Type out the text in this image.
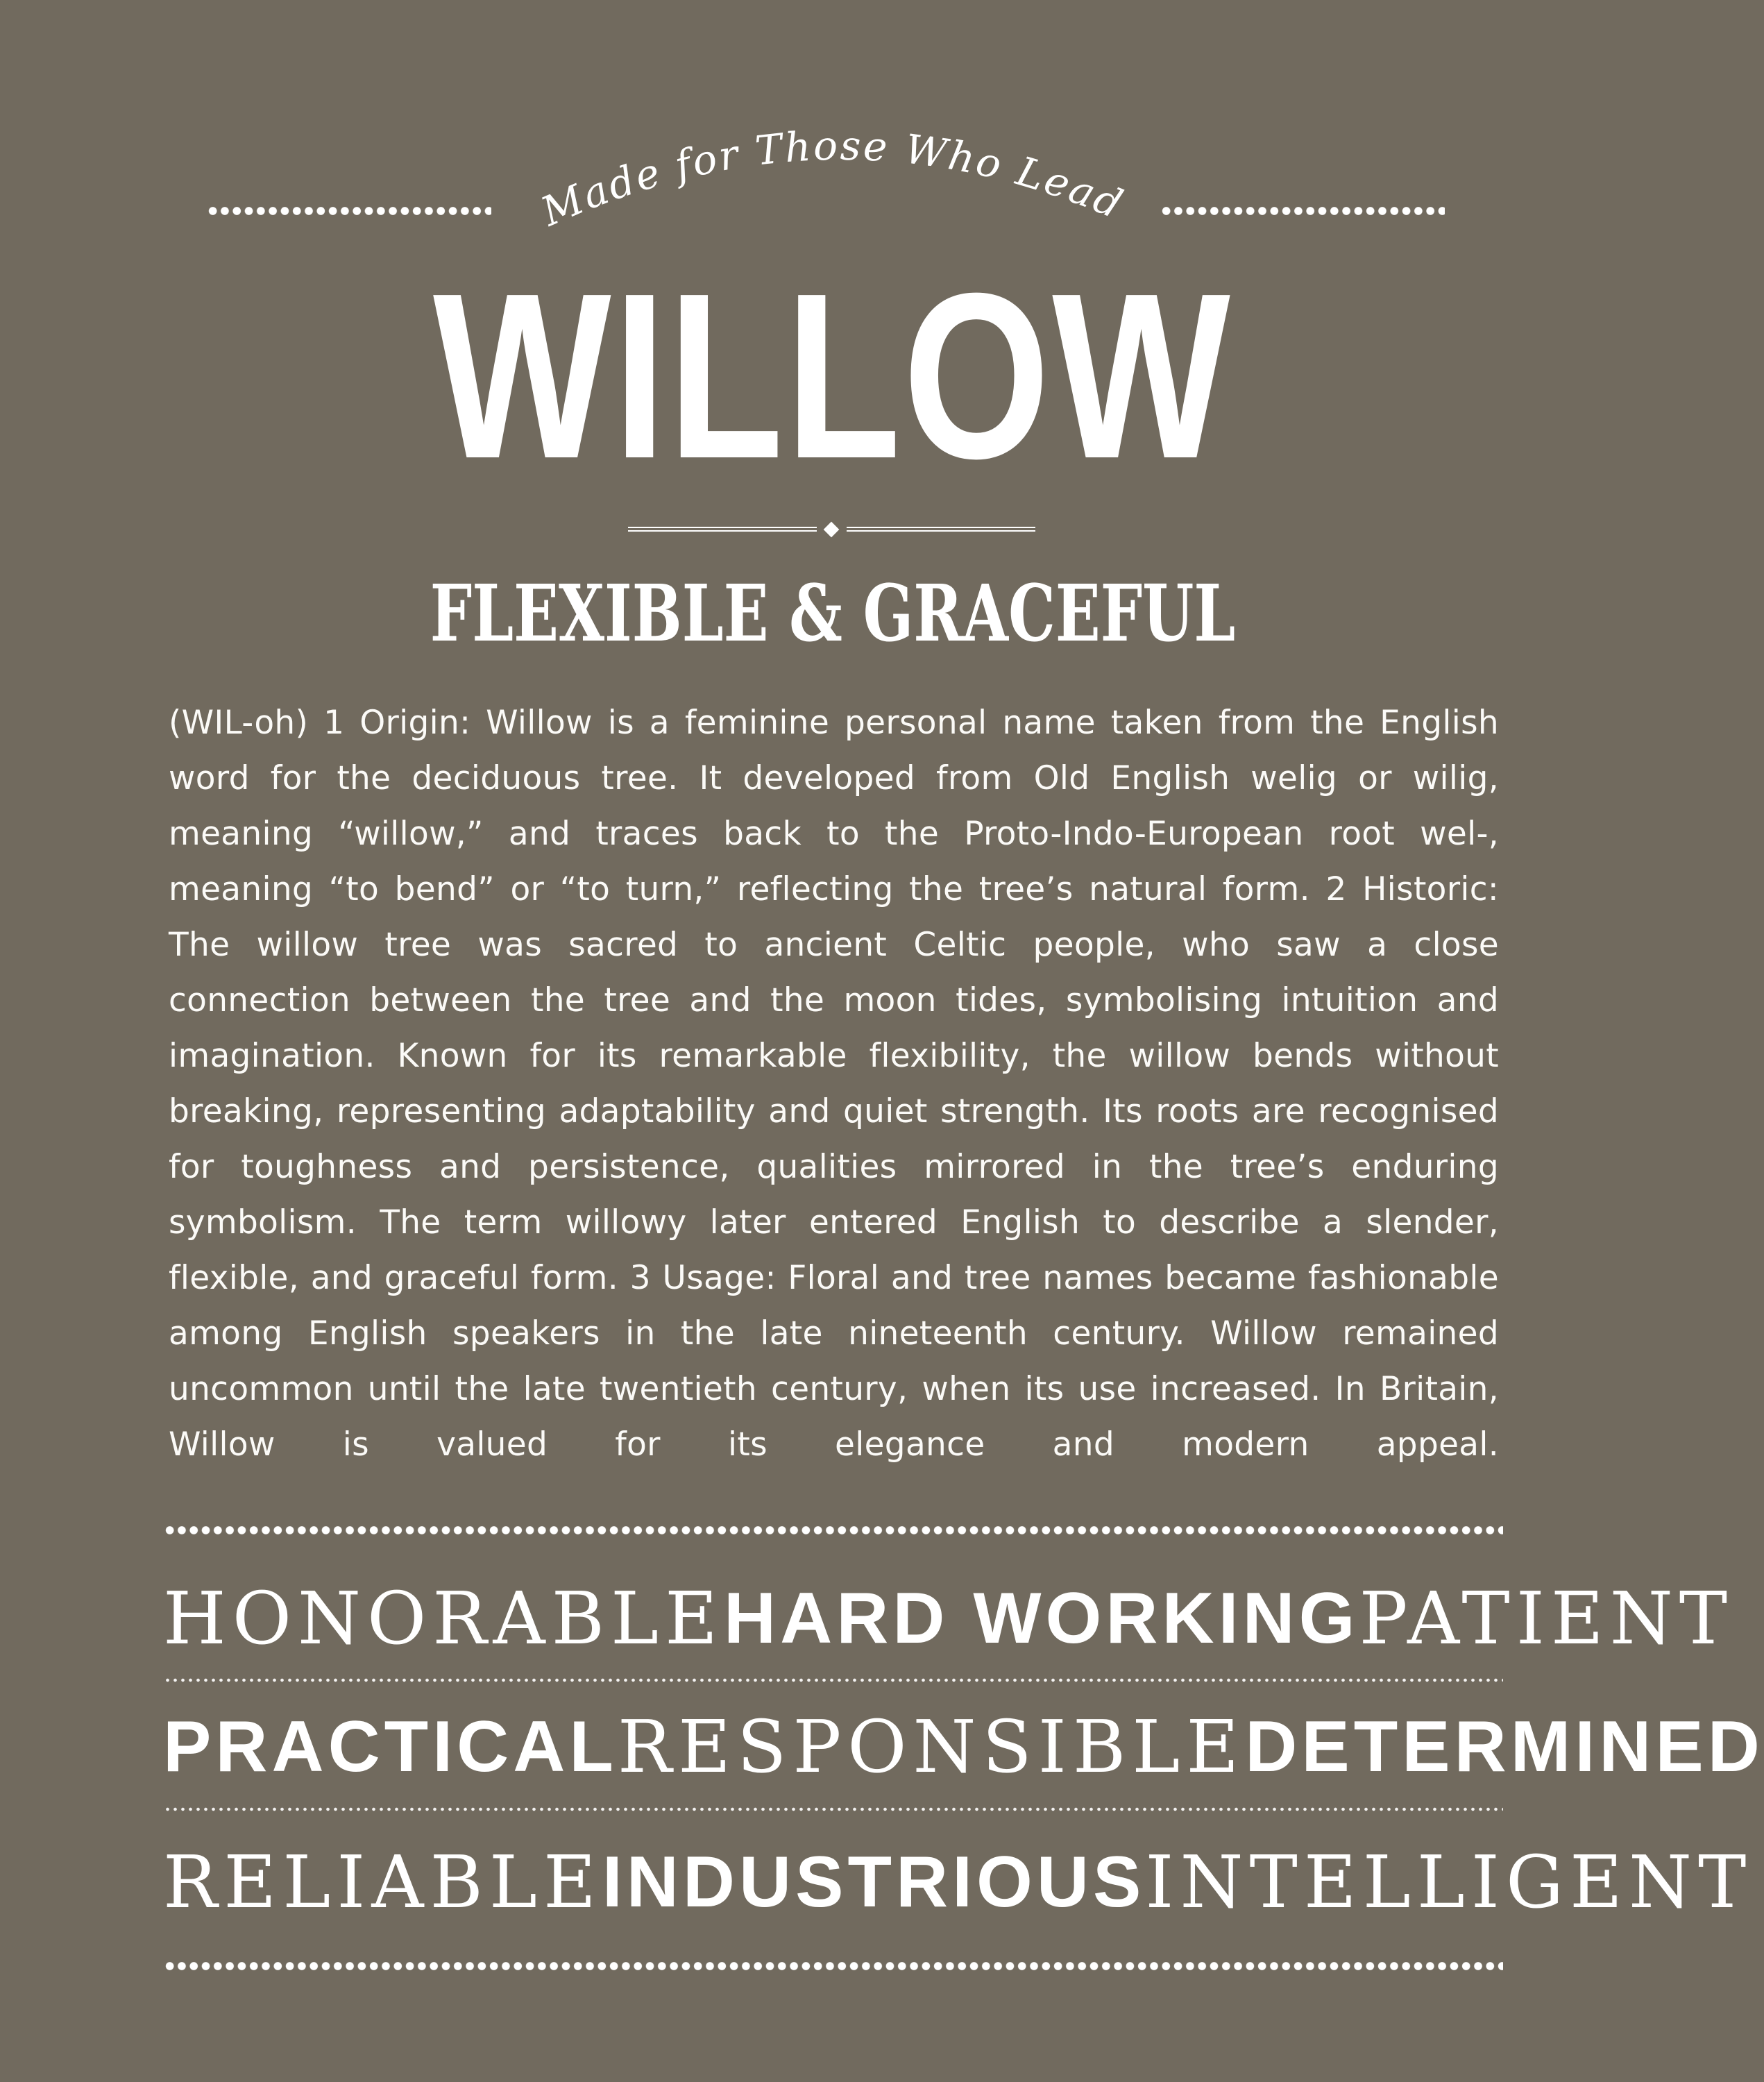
Made for Those Who Lead
WILLOW
FLEXIBLE & GRACEFUL

(WIL-oh) 1 Origin: Willow is a feminine personal name taken from the English word for the deciduous tree. It developed from Old English welig or wilig, meaning “willow,” and traces back to the Proto-Indo-European root wel-, meaning “to bend” or “to turn,” reflecting the tree’s natural form. 2 Historic: The willow tree was sacred to ancient Celtic people, who saw a close connection between the tree and the moon tides, symbolising intuition and imagination. Known for its remarkable flexibility, the willow bends without breaking, representing adaptability and quiet strength. Its roots are recognised for toughness and persistence, qualities mirrored in the tree’s enduring symbolism. The term willowy later entered English to describe a slender, flexible, and graceful form. 3 Usage: Floral and tree names became fashionable among English speakers in the late nineteenth century. Willow remained uncommon until the late twentieth century, when its use increased. In Britain, Willow is valued for its elegance and modern appeal.

HONORABLE HARD WORKING PATIENT
PRACTICAL RESPONSIBLE DETERMINED
RELIABLE INDUSTRIOUS INTELLIGENT
